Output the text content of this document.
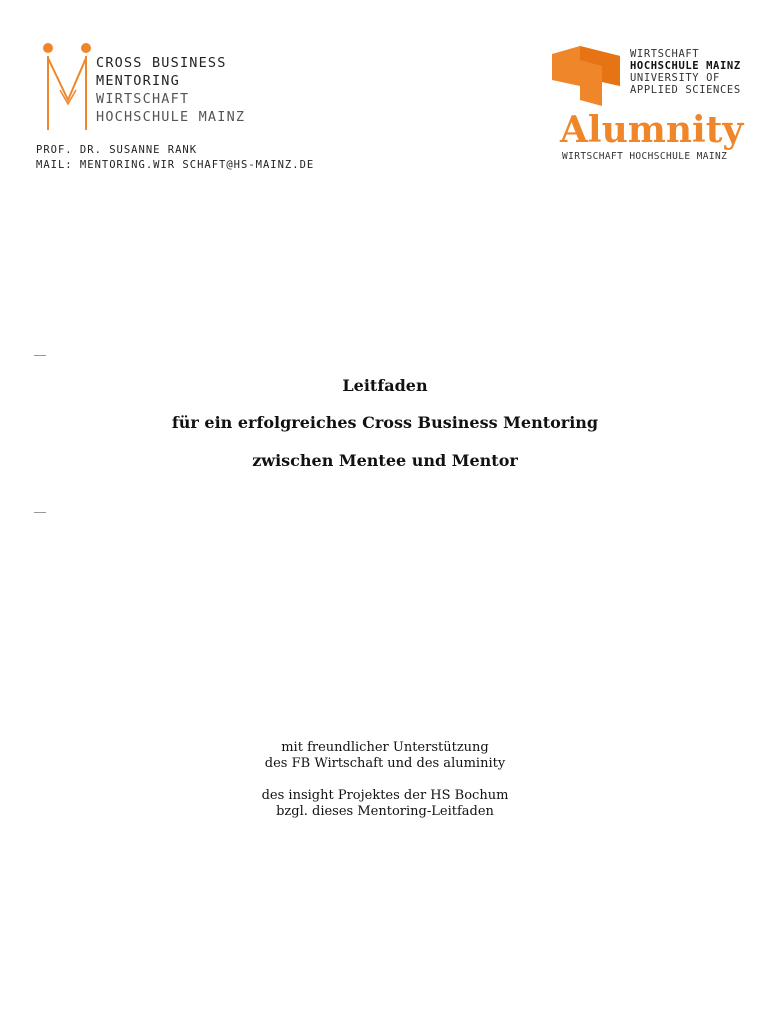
CROSS BUSINESS
MENTORING
WIRTSCHAFT
HOCHSCHULE MAINZ
PROF. DR. SUSANNE RANK
MAIL: MENTORING.WIR SCHAFT@HS-MAINZ.DE
WIRTSCHAFT
HOCHSCHULE MAINZ
UNIVERSITY OF
APPLIED SCIENCES
Alumnity
WIRTSCHAFT HOCHSCHULE MAINZ
Leitfaden
für ein erfolgreiches Cross Business Mentoring
zwischen Mentee und Mentor
mit freundlicher Unterstützung
des FB Wirtschaft und des aluminity
des insight Projektes der HS Bochum
bzgl. dieses Mentoring-Leitfaden
